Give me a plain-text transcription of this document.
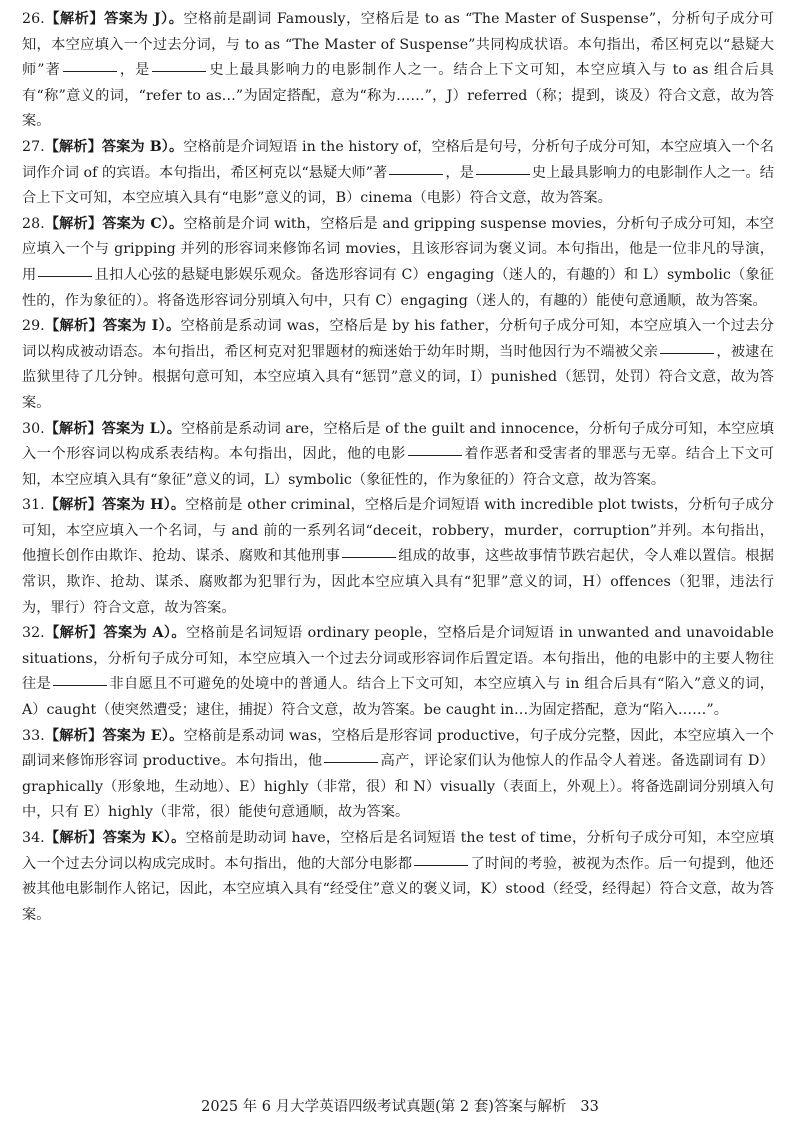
26.【解析】答案为 J）。空格前是副词 Famously，空格后是 to as “The Master of Suspense”，分析句子成分可知，本空应填入一个过去分词，与 to as “The Master of Suspense”共同构成状语。本句指出，希区柯克以“悬疑大师”著	，是	史上最具影响力的电影制作人之一。结合上下文可知，本空应填入与 to as 组合后具有“称”意义的词，“refer to as…”为固定搭配，意为“称为……”，J）referred（称；提到，谈及）符合文意，故为答案。
27.【解析】答案为 B）。空格前是介词短语 in the history of，空格后是句号，分析句子成分可知，本空应填入一个名词作介词 of 的宾语。本句指出，希区柯克以“悬疑大师”著	，是	史上最具影响力的电影制作人之一。结合上下文可知，本空应填入具有“电影”意义的词，B）cinema（电影）符合文意，故为答案。
28.【解析】答案为 C）。空格前是介词 with，空格后是 and gripping suspense movies，分析句子成分可知，本空应填入一个与 gripping 并列的形容词来修饰名词 movies，且该形容词为褒义词。本句指出，他是一位非凡的导演，用	且扣人心弦的悬疑电影娱乐观众。备选形容词有 C）engaging（迷人的，有趣的）和 L）symbolic（象征性的，作为象征的）。将备选形容词分别填入句中，只有 C）engaging（迷人的，有趣的）能使句意通顺，故为答案。
29.【解析】答案为 I）。空格前是系动词 was，空格后是 by his father，分析句子成分可知，本空应填入一个过去分词以构成被动语态。本句指出，希区柯克对犯罪题材的痴迷始于幼年时期，当时他因行为不端被父亲	，被逮在监狱里待了几分钟。根据句意可知，本空应填入具有“惩罚”意义的词，I）punished（惩罚，处罚）符合文意，故为答案。
30.【解析】答案为 L）。空格前是系动词 are，空格后是 of the guilt and innocence，分析句子成分可知，本空应填入一个形容词以构成系表结构。本句指出，因此，他的电影	着作恶者和受害者的罪恶与无辜。结合上下文可知，本空应填入具有“象征”意义的词，L）symbolic（象征性的，作为象征的）符合文意，故为答案。
31.【解析】答案为 H）。空格前是 other criminal，空格后是介词短语 with incredible plot twists，分析句子成分可知，本空应填入一个名词，与 and 前的一系列名词“deceit，robbery，murder，corruption”并列。本句指出，他擅长创作由欺诈、抢劫、谋杀、腐败和其他刑事	组成的故事，这些故事情节跌宕起伏，令人难以置信。根据常识，欺诈、抢劫、谋杀、腐败都为犯罪行为，因此本空应填入具有“犯罪”意义的词，H）offences（犯罪，违法行为，罪行）符合文意，故为答案。
32.【解析】答案为 A）。空格前是名词短语 ordinary people，空格后是介词短语 in unwanted and unavoidable situations，分析句子成分可知，本空应填入一个过去分词或形容词作后置定语。本句指出，他的电影中的主要人物往往是	非自愿且不可避免的处境中的普通人。结合上下文可知，本空应填入与 in 组合后具有“陷入”意义的词，A）caught（使突然遭受；逮住，捕捉）符合文意，故为答案。be caught in…为固定搭配，意为“陷入……”。
33.【解析】答案为 E）。空格前是系动词 was，空格后是形容词 productive，句子成分完整，因此，本空应填入一个副词来修饰形容词 productive。本句指出，他	高产，评论家们认为他惊人的作品令人着迷。备选副词有 D）graphically（形象地，生动地）、E）highly（非常，很）和 N）visually（表面上，外观上）。将备选副词分别填入句中，只有 E）highly（非常，很）能使句意通顺，故为答案。
34.【解析】答案为 K）。空格前是助动词 have，空格后是名词短语 the test of time，分析句子成分可知，本空应填入一个过去分词以构成完成时。本句指出，他的大部分电影都	了时间的考验，被视为杰作。后一句提到，他还被其他电影制作人铭记，因此，本空应填入具有“经受住”意义的褒义词，K）stood（经受，经得起）符合文意，故为答案。
2025 年 6 月大学英语四级考试真题(第 2 套)答案与解析 33
